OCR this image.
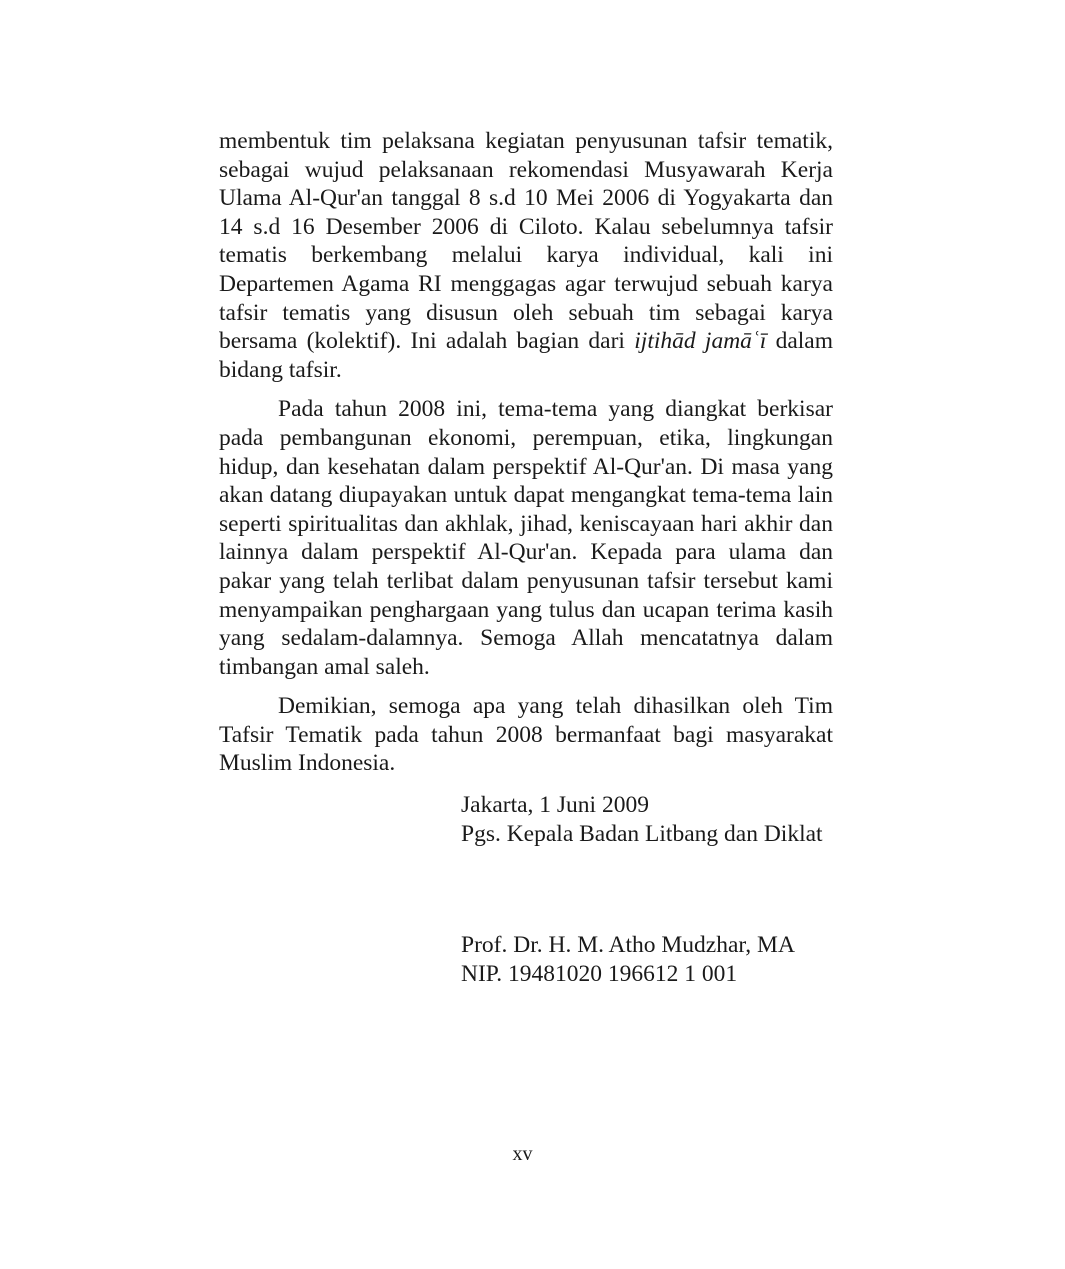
membentuk tim pelaksana kegiatan penyusunan tafsir tematik, sebagai wujud pelaksanaan rekomendasi Musyawarah Kerja Ulama Al-Qur'an tanggal 8 s.d 10 Mei 2006 di Yogyakarta dan 14 s.d 16 Desember 2006 di Ciloto. Kalau sebelumnya tafsir tematis berkembang melalui karya individual, kali ini Departemen Agama RI menggagas agar terwujud sebuah karya tafsir tematis yang disusun oleh sebuah tim sebagai karya bersama (kolektif). Ini adalah bagian dari ijtihād jamāʿī dalam bidang tafsir.

Pada tahun 2008 ini, tema-tema yang diangkat berkisar pada pembangunan ekonomi, perempuan, etika, lingkungan hidup, dan kesehatan dalam perspektif Al-Qur'an. Di masa yang akan datang diupayakan untuk dapat mengangkat tema-tema lain seperti spiritualitas dan akhlak, jihad, keniscayaan hari akhir dan lainnya dalam perspektif Al-Qur'an. Kepada para ulama dan pakar yang telah terlibat dalam penyusunan tafsir tersebut kami menyampaikan penghargaan yang tulus dan ucapan terima kasih yang sedalam-dalamnya. Semoga Allah mencatatnya dalam timbangan amal saleh.

Demikian, semoga apa yang telah dihasilkan oleh Tim Tafsir Tematik pada tahun 2008 bermanfaat bagi masyarakat Muslim Indonesia.

Jakarta, 1 Juni 2009
Pgs. Kepala Badan Litbang dan Diklat
Prof. Dr. H. M. Atho Mudzhar, MA
NIP. 19481020 196612 1 001
xv
